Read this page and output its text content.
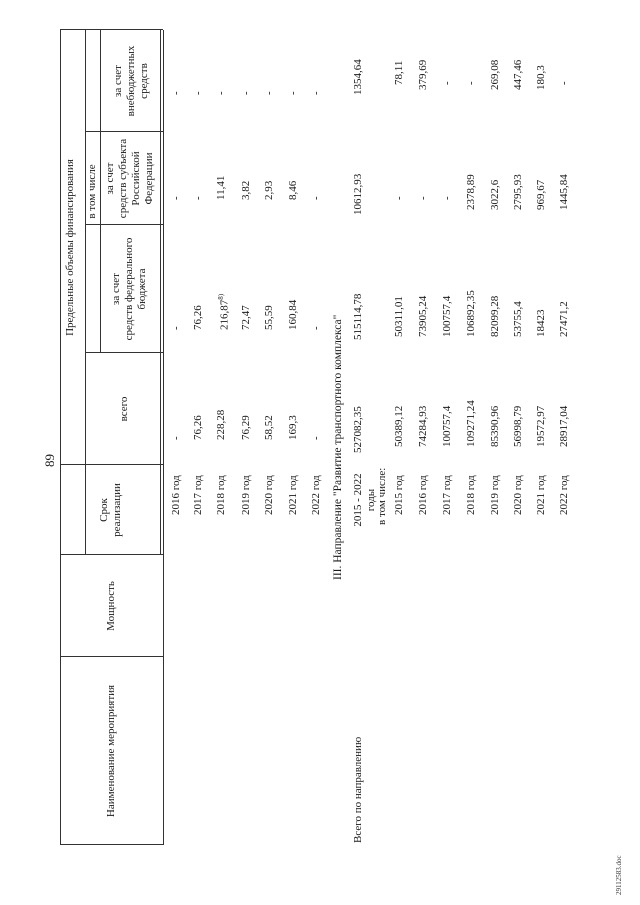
89
Наименование мероприятия
Мощность
Срок
реализации
Предельные объемы финансирования
всего
в том числе
за счет
средств федерального
бюджета
за счет
средств субъекта
Российской
Федерации
за счет
внебюджетных
средств
2016 год
-
-
-
-
2017 год
76,26
76,26
-
-
2018 год
228,28
216,87$^{8)}$
11,41
-
2019 год
76,29
72,47
3,82
-
2020 год
58,52
55,59
2,93
-
2021 год
169,3
160,84
8,46
-
2022 год
-
-
-
-
III. Направление "Развитие транспортного комплекса"
Всего по направлению
2015 - 2022
годы
527082,35
515114,78
10612,93
1354,64
в том числе: 2015 год
50389,12
50311,01
-
78,11
2016 год
74284,93
73905,24
-
379,69
2017 год
100757,4
100757,4
-
-
2018 год
109271,24
106892,35
2378,89
-
2019 год
85390,96
82099,28
3022,6
269,08
2020 год
56998,79
53755,4
2795,93
447,46
2021 год
19572,97
18423
969,67
180,3
2022 год
28917,04
27471,2
1445,84
-
29112583.doc
